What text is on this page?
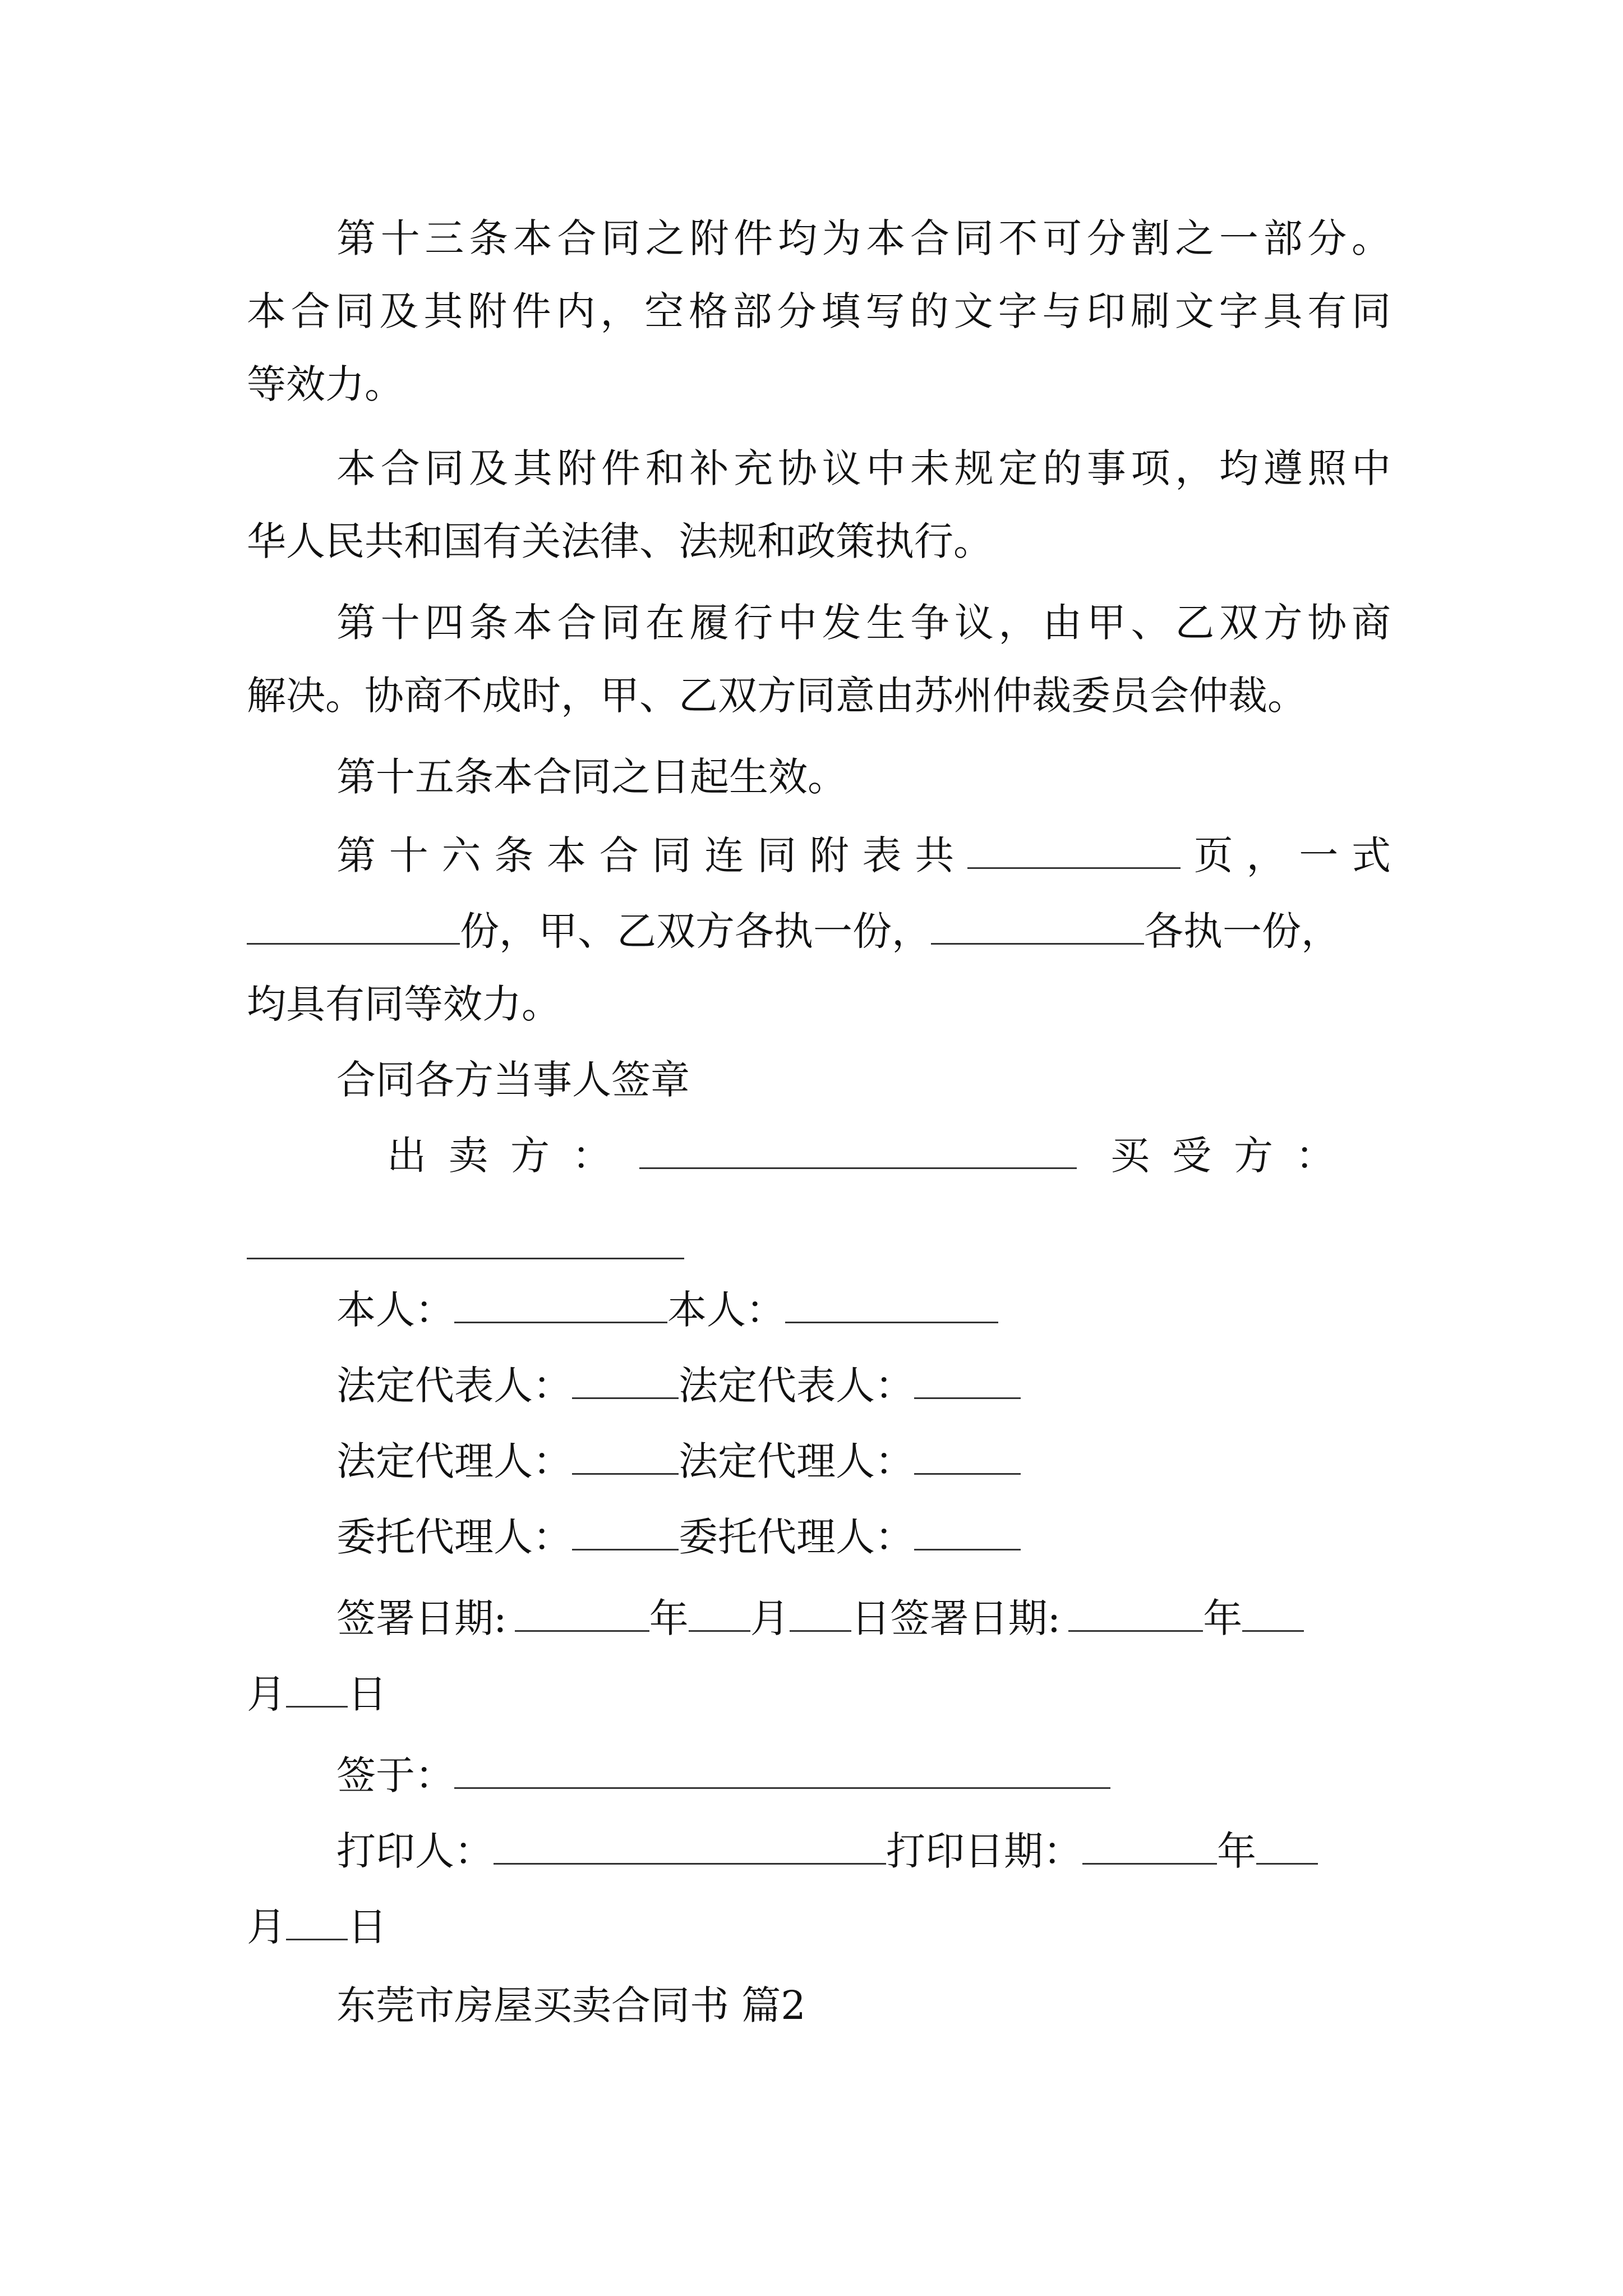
第十三条本合同之附件均为本合同不可分割之一部分。
本合同及其附件内，空格部分填写的文字与印刷文字具有同
等效力。
本合同及其附件和补充协议中未规定的事项，均遵照中
华人民共和国有关法律、法规和政策执行。
第十四条本合同在履行中发生争议，由甲、乙双方协商
解决。协商不成时，甲、乙双方同意由苏州仲裁委员会仲裁。
第十五条本合同之日起生效。
第十六条本合同连同附表共	页，一式
份，甲、乙双方各执一份，	各执一份，
均具有同等效力。
合同各方当事人签章
出卖方：	买受方：
本人：	本人：
法定代表人：	法定代表人：
法定代理人：	法定代理人：
委托代理人：	委托代理人：
签署日期:	年 月 日签署日期:	年
月 日
签于：
打印人：	打印日期：	年
月 日
东莞市房屋买卖合同书 篇2
